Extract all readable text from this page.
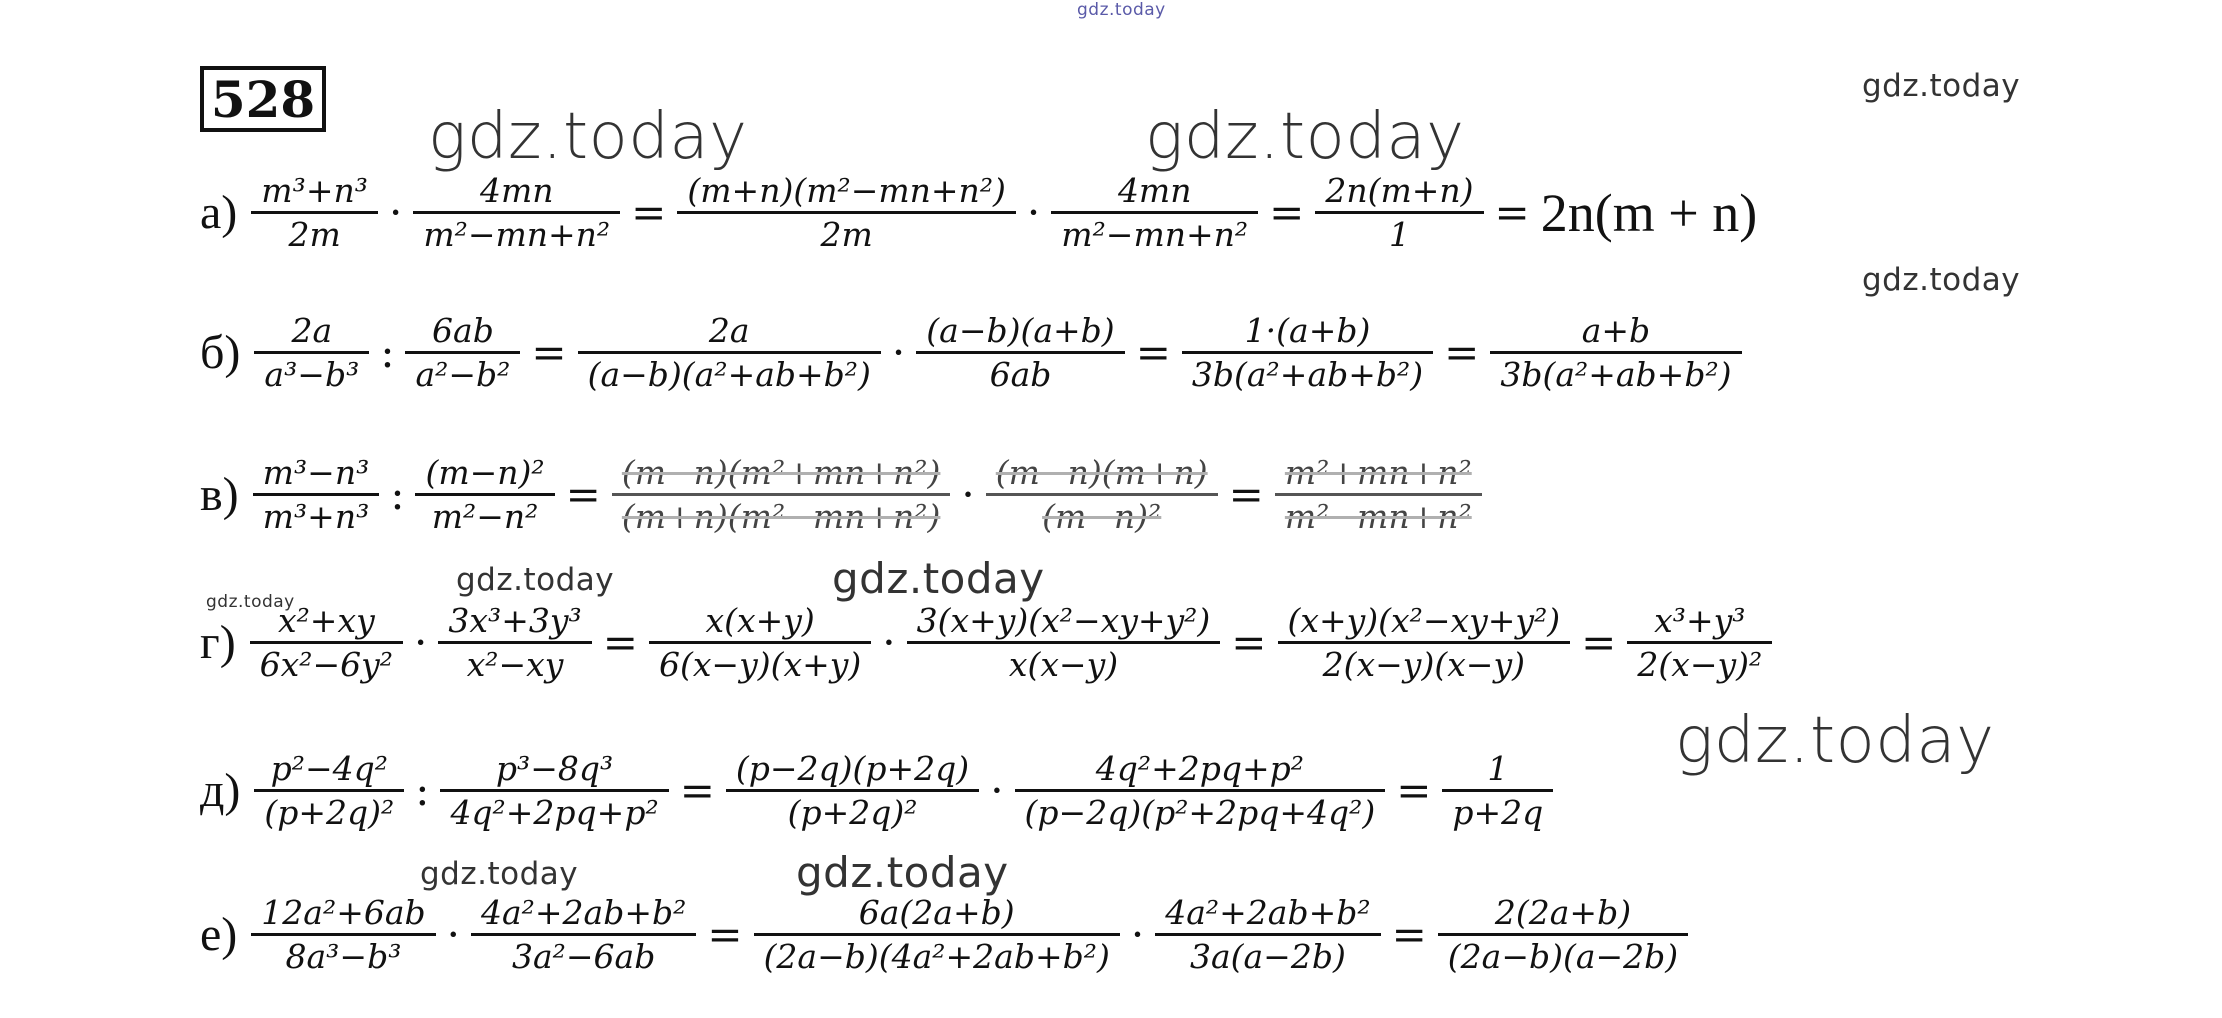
gdz.today
gdz.today
gdz.today	gdz.today
gdz.today
gdz.today
gdz.today	gdz.today
gdz.today
gdz.today	gdz.today
528
$а) \frac{\text{m³+n³}}{2m} \cdot \frac{4mn}{\text{m²−mn+n²}} = \frac{\text{(m+n)(m²−mn+n²)}}{2m} \cdot \frac{4mn}{\text{m²−mn+n²}} = \frac{2n(m+n)}{1} = 2n(m + n)$
$б) \frac{2a}{\text{a³−b³}}$ : $\frac{6ab}{\text{a²−b²}} = \frac{2a}{\text{(a−b)(a²+ab+b²)}} \cdot \frac{(a-b)(a+b)}{6ab} = \frac{1\cdot(a+b)}{\text{3b(a²+ab+b²)}} = \frac{a+b}{\text{3b(a²+ab+b²)}}$
$в) \frac{\text{m³−n³}}{\text{m³+n³}}$ : $\frac{\text{(m−n)²}}{\text{m²−n²}} = \frac{\text{(m−n)(m²+mn+n²)}}{\text{(m+n)(m²−mn+n²)}} \cdot \frac{(m-n)(m+n)}{\text{(m−n)²}} = \frac{\text{m²+mn+n²}}{\text{m²−mn+n²}}$
$г) \frac{\text{x²+xy}}{\text{6x²−6y²}} \cdot \frac{\text{3x³+3y³}}{\text{x²−xy}} = \frac{x(x+y)}{6(x-y)(x+y)} \cdot \frac{\text{3(x+y)(x²−xy+y²)}}{x(x-y)} = \frac{\text{(x+y)(x²−xy+y²)}}{2(x-y)(x-y)} = \frac{\text{x³+y³}}{\text{2(x−y)²}}$
$д) \frac{\text{p²−4q²}}{\text{(p+2q)²}}$ : $\frac{\text{p³−8q³}}{\text{4q²+2pq+p²}} = \frac{(p-2q)(p+2q)}{\text{(p+2q)²}} \cdot \frac{\text{4q²+2pq+p²}}{\text{(p−2q)(p²+2pq+4q²)}} = \frac{1}{p+2q}$
$е) \frac{\text{12a²+6ab}}{\text{8a³−b³}} \cdot \frac{\text{4a²+2ab+b²}}{\text{3a²−6ab}} = \frac{6a(2a+b)}{\text{(2a−b)(4a²+2ab+b²)}} \cdot \frac{\text{4a²+2ab+b²}}{3a(a-2b)} = \frac{2(2a+b)}{(2a-b)(a-2b)}$
